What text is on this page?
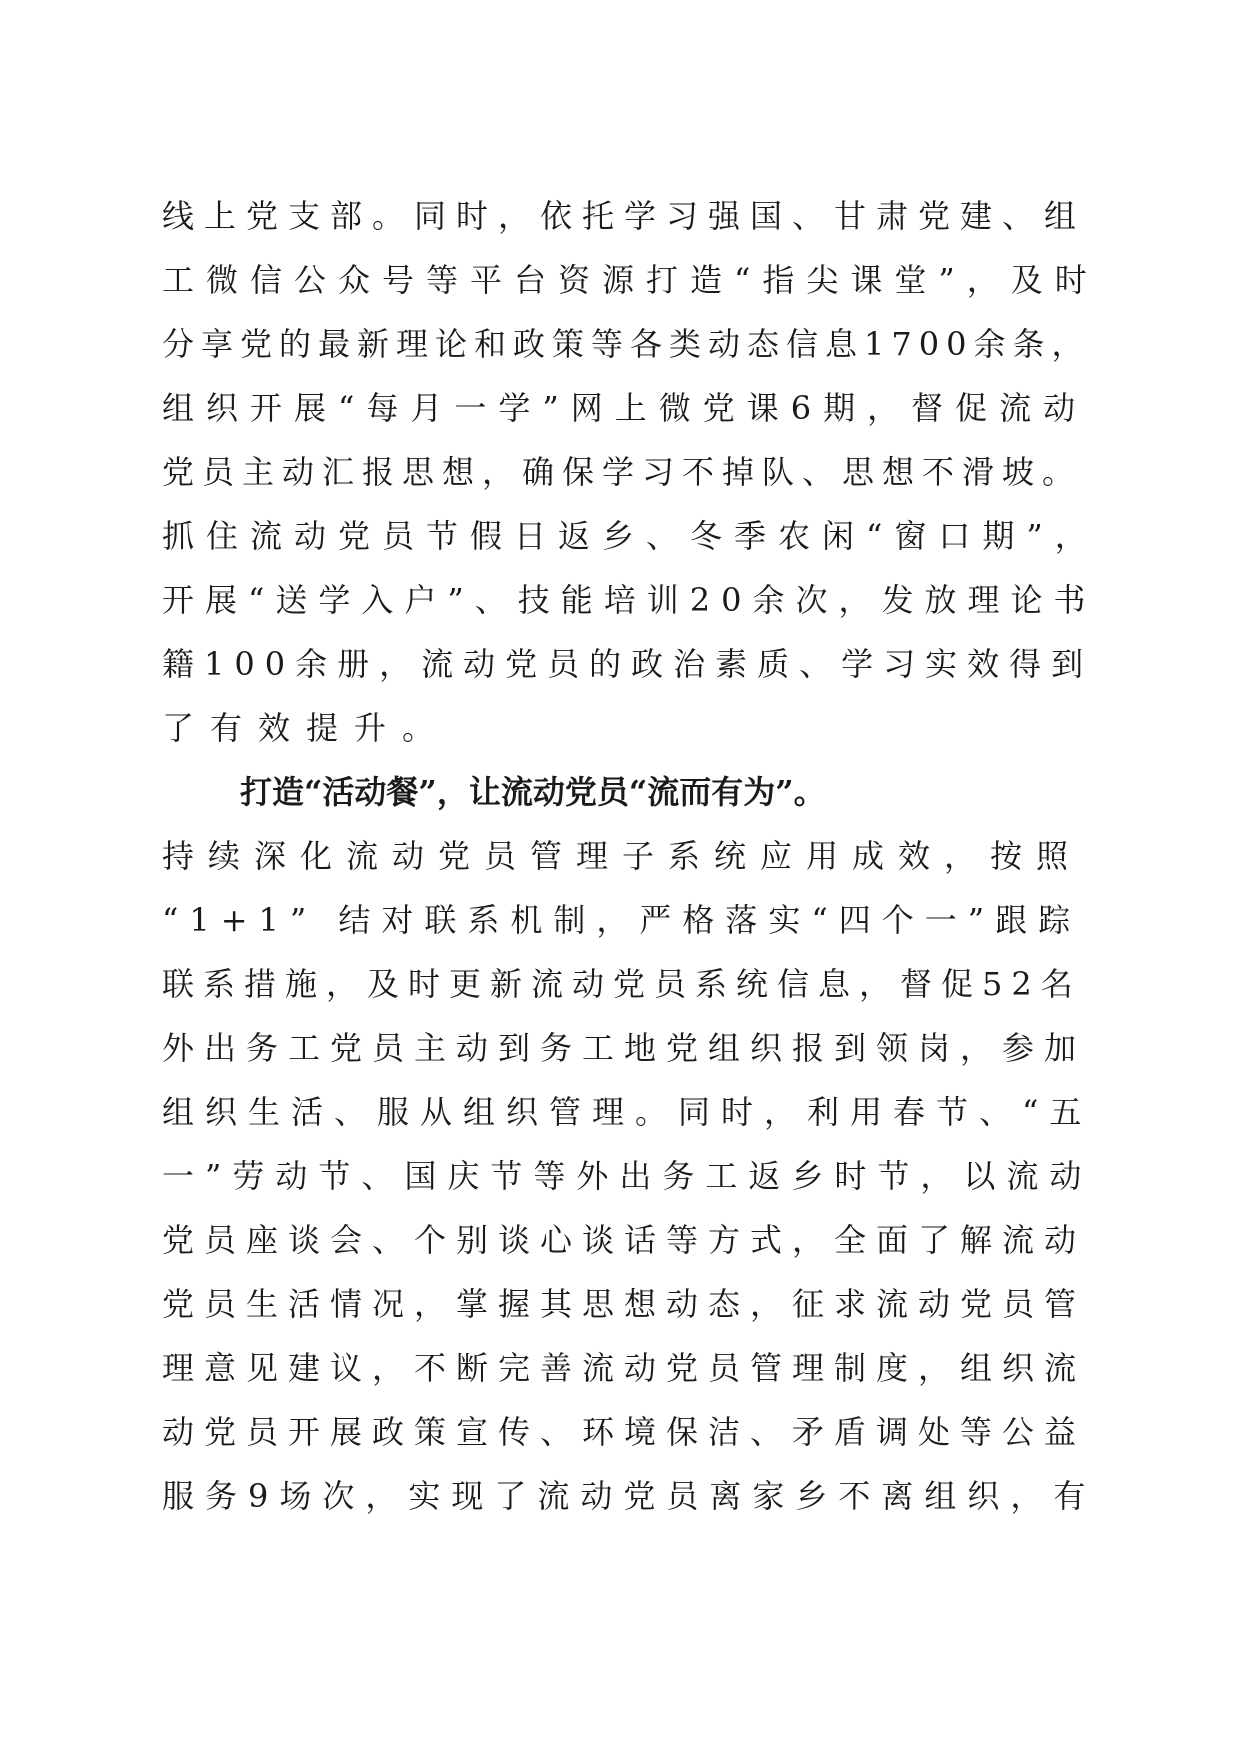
线上党支部。同时，依托学习强国、甘肃党建、组
工微信公众号等平台资源打造“指尖课堂”，及时
分享党的最新理论和政策等各类动态信息1700余条，
组织开展“每月一学”网上微党课6期，督促流动
党员主动汇报思想，确保学习不掉队、思想不滑坡。
抓住流动党员节假日返乡、冬季农闲“窗口期”，
开展“送学入户”、技能培训20余次，发放理论书
籍100余册，流动党员的政治素质、学习实效得到
了有效提升。
打造“活动餐”，让流动党员“流而有为”。
持续深化流动党员管理子系统应用成效，按照
“1+1” 结对联系机制，严格落实“四个一”跟踪
联系措施，及时更新流动党员系统信息，督促52名
外出务工党员主动到务工地党组织报到领岗，参加
组织生活、服从组织管理。同时，利用春节、“五
一”劳动节、国庆节等外出务工返乡时节，以流动
党员座谈会、个别谈心谈话等方式，全面了解流动
党员生活情况，掌握其思想动态，征求流动党员管
理意见建议，不断完善流动党员管理制度，组织流
动党员开展政策宣传、环境保洁、矛盾调处等公益
服务9场次，实现了流动党员离家乡不离组织，有
